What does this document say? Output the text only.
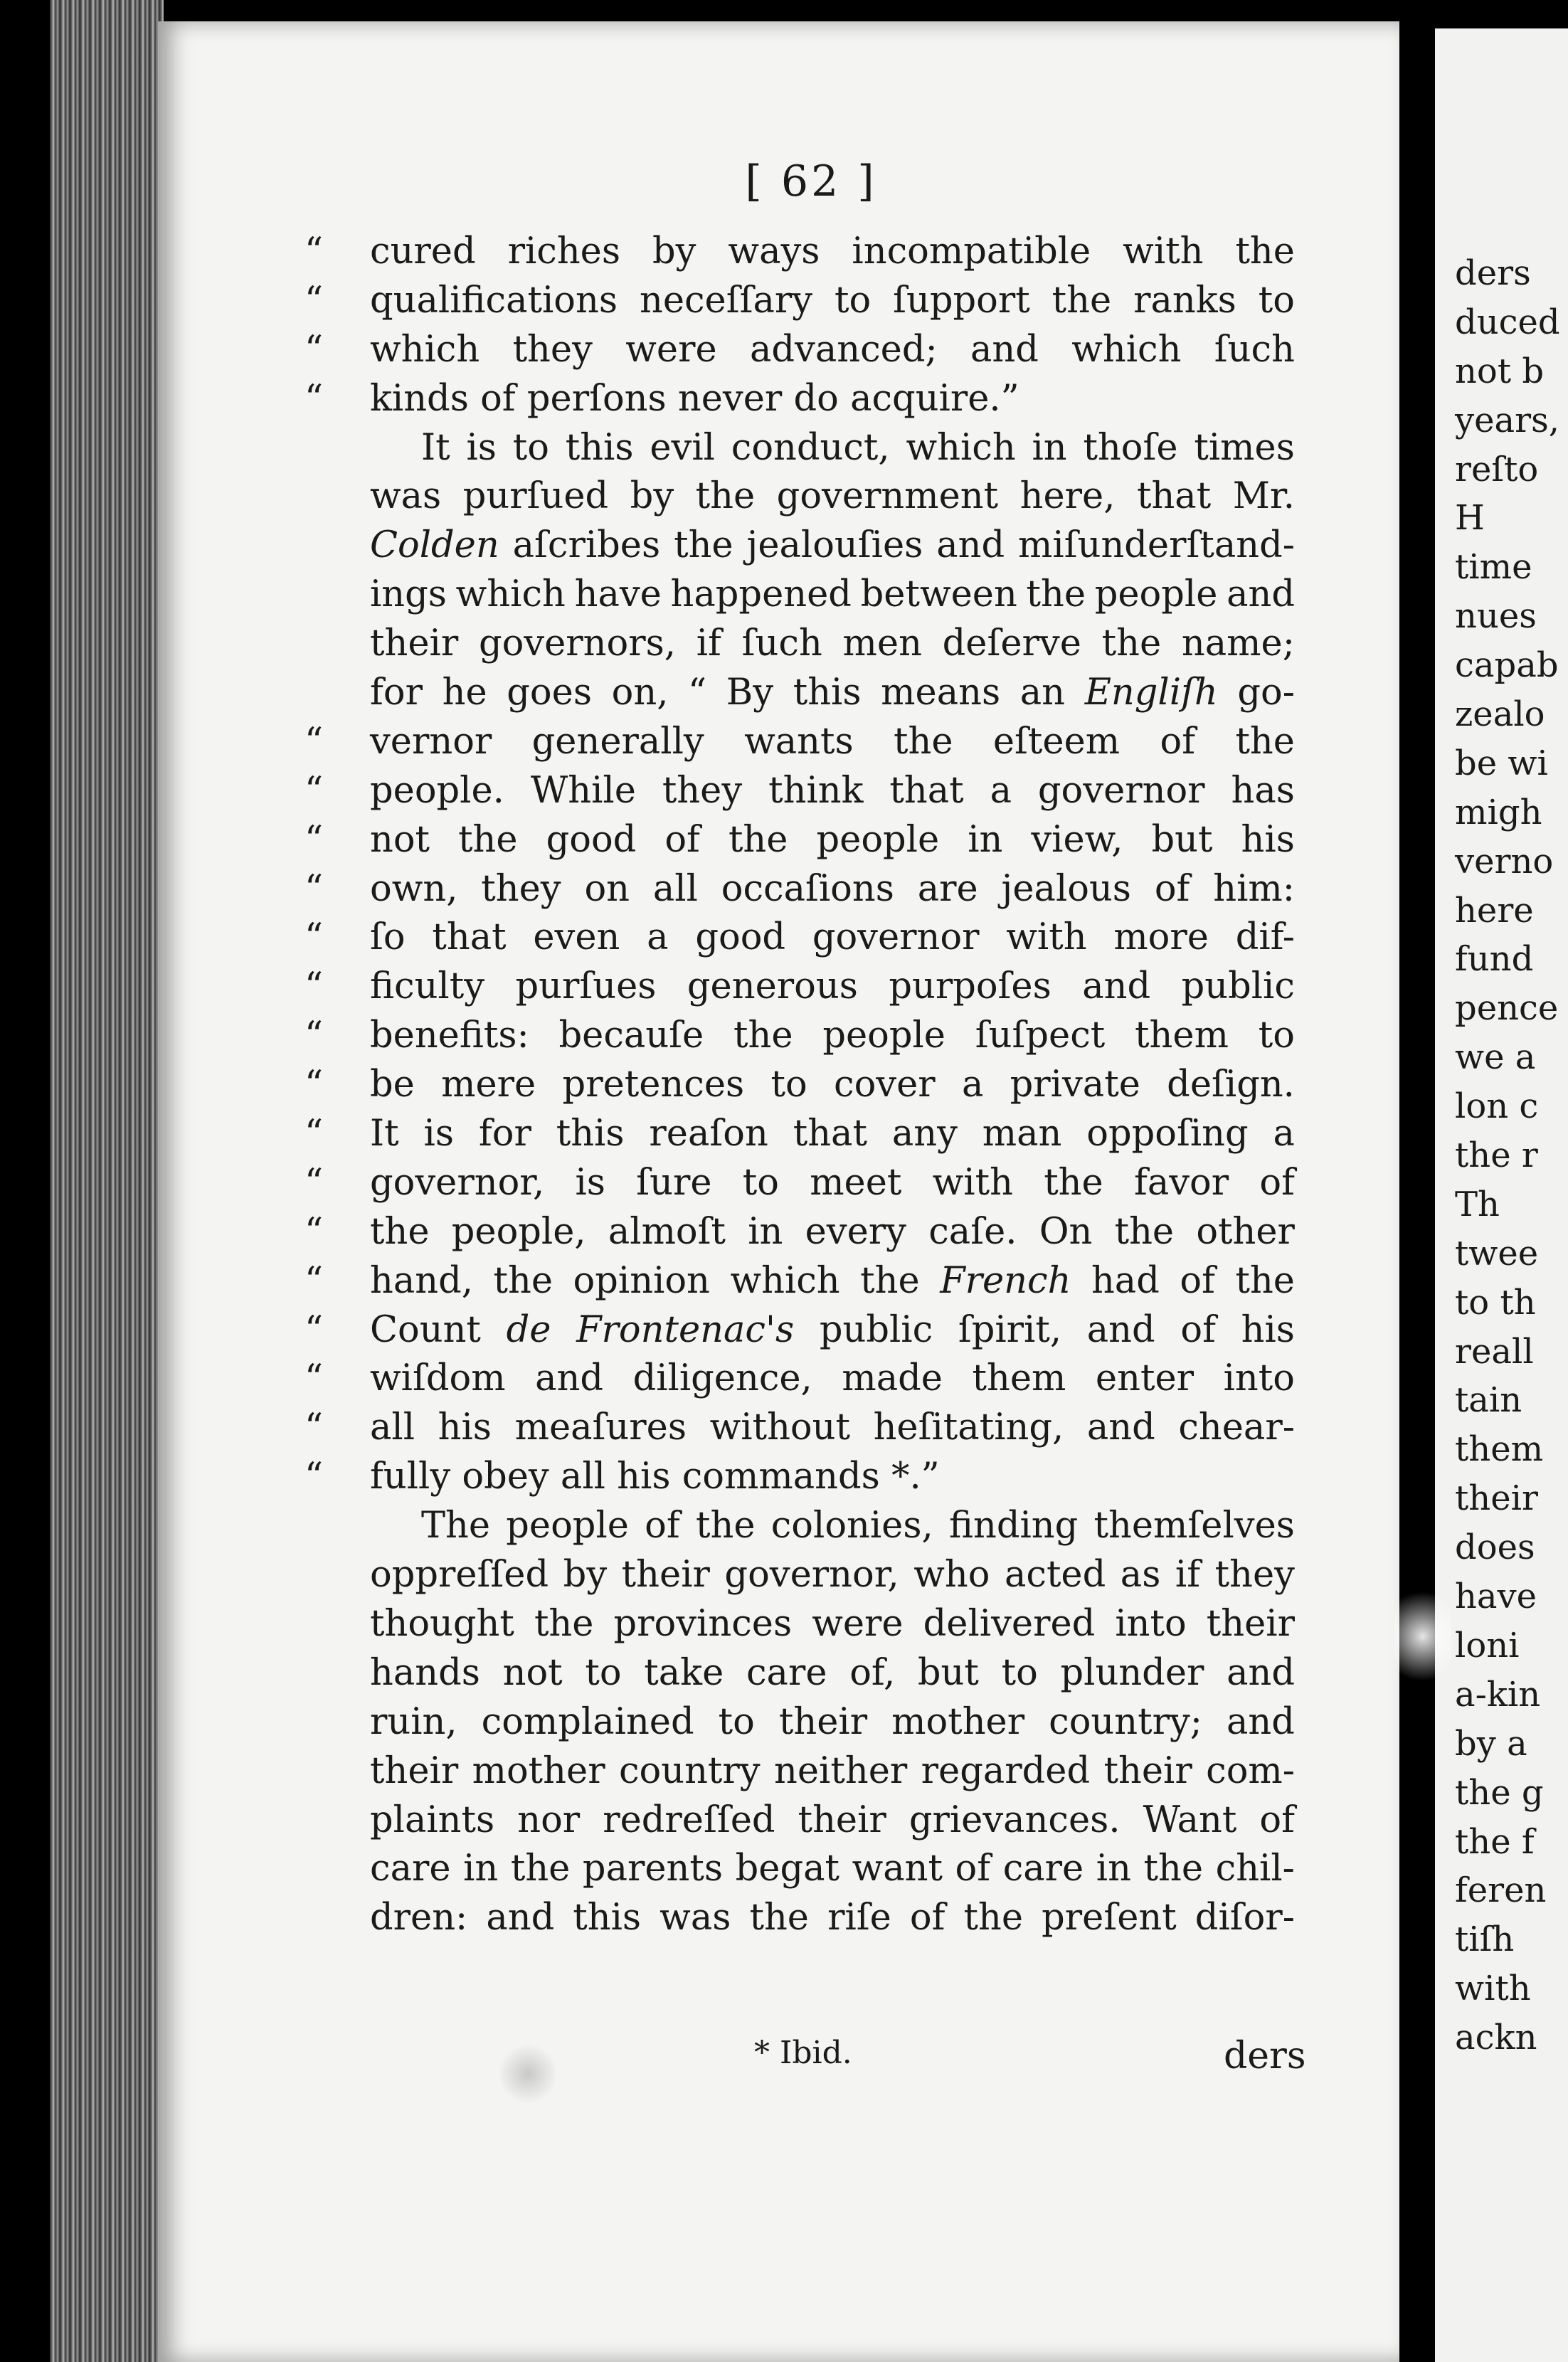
ders
duced
not b
years,
reſto
H
time
nues
capab
zealo
be wi
migh
verno
here
fund
pence
we a
lon c
the r
Th
twee
to th
reall
tain
them
their
does
have
loni
a-kin
by a
the g
the f
feren
tiſh
with
ackn
[ 62 ]
“	cured riches by ways incompatible with the
“	qualifications neceſſary to ſupport the ranks to
“	which they were advanced; and which ſuch
“	kinds of perſons never do acquire.”
It is to this evil conduct, which in thoſe times
was purſued by the government here, that Mr.
Colden aſcribes the jealouſies and miſunderſtand-
ings which have happened between the people and
their governors, if ſuch men deſerve the name;
for he goes on, “ By this means an Engliſh go-
“	vernor generally wants the eſteem of the
“	people. While they think that a governor has
“	not the good of the people in view, but his
“	own, they on all occaſions are jealous of him:
“	ſo that even a good governor with more dif-
“	ficulty purſues generous purpoſes and public
“	benefits: becauſe the people ſuſpect them to
“	be mere pretences to cover a private deſign.
“	It is for this reaſon that any man oppoſing a
“	governor, is ſure to meet with the favor of
“	the people, almoſt in every caſe. On the other
“	hand, the opinion which the French had of the
“	Count de Frontenac's public ſpirit, and of his
“	wiſdom and diligence, made them enter into
“	all his meaſures without heſitating, and chear-
“	fully obey all his commands *.”
The people of the colonies, finding themſelves
oppreſſed by their governor, who acted as if they
thought the provinces were delivered into their
hands not to take care of, but to plunder and
ruin, complained to their mother country; and
their mother country neither regarded their com-
plaints nor redreſſed their grievances. Want of
care in the parents begat want of care in the chil-
dren: and this was the riſe of the preſent diſor-
* Ibid.	ders
